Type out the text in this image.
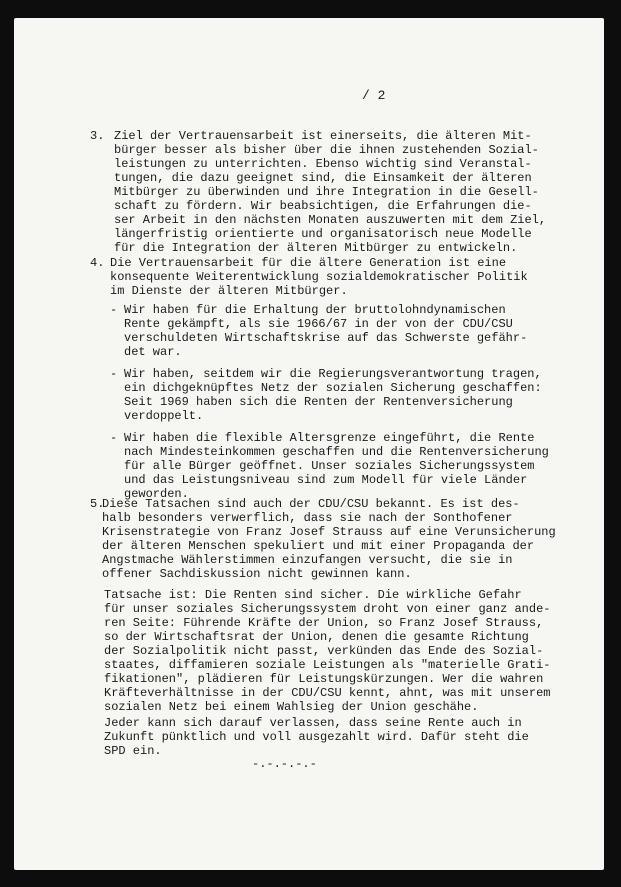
/ 2
3. Ziel der Vertrauensarbeit ist einerseits, die älteren Mit-
bürger besser als bisher über die ihnen zustehenden Sozial-
leistungen zu unterrichten. Ebenso wichtig sind Veranstal-
tungen, die dazu geeignet sind, die Einsamkeit der älteren
Mitbürger zu überwinden und ihre Integration in die Gesell-
schaft zu fördern. Wir beabsichtigen, die Erfahrungen die-
ser Arbeit in den nächsten Monaten auszuwerten mit dem Ziel,
längerfristig orientierte und organisatorisch neue Modelle
für die Integration der älteren Mitbürger zu entwickeln.

4. Die Vertrauensarbeit für die ältere Generation ist eine
konsequente Weiterentwicklung sozialdemokratischer Politik
im Dienste der älteren Mitbürger.

- Wir haben für die Erhaltung der bruttolohndynamischen
Rente gekämpft, als sie 1966/67 in der von der CDU/CSU
verschuldeten Wirtschaftskrise auf das Schwerste gefähr-
det war.

- Wir haben, seitdem wir die Regierungsverantwortung tragen,
ein dichgeknüpftes Netz der sozialen Sicherung geschaffen:
Seit 1969 haben sich die Renten der Rentenversicherung
verdoppelt.

- Wir haben die flexible Altersgrenze eingeführt, die Rente
nach Mindesteinkommen geschaffen und die Rentenversicherung
für alle Bürger geöffnet. Unser soziales Sicherungssystem
und das Leistungsniveau sind zum Modell für viele Länder
geworden.

5.

Diese Tatsachen sind auch der CDU/CSU bekannt. Es ist des-
halb besonders verwerflich, dass sie nach der Sonthofener
Krisenstrategie von Franz Josef Strauss auf eine Verunsicherung
der älteren Menschen spekuliert und mit einer Propaganda der
Angstmache Wählerstimmen einzufangen versucht, die sie in
offener Sachdiskussion nicht gewinnen kann.

Tatsache ist: Die Renten sind sicher. Die wirkliche Gefahr
für unser soziales Sicherungssystem droht von einer ganz ande-
ren Seite: Führende Kräfte der Union, so Franz Josef Strauss,
so der Wirtschaftsrat der Union, denen die gesamte Richtung
der Sozialpolitik nicht passt, verkünden das Ende des Sozial-
staates, diffamieren soziale Leistungen als "materielle Grati-
fikationen", plädieren für Leistungskürzungen. Wer die wahren
Kräfteverhältnisse in der CDU/CSU kennt, ahnt, was mit unserem
sozialen Netz bei einem Wahlsieg der Union geschähe.

Jeder kann sich darauf verlassen, dass seine Rente auch in
Zukunft pünktlich und voll ausgezahlt wird. Dafür steht die
SPD ein.

-.-.-.-.-
